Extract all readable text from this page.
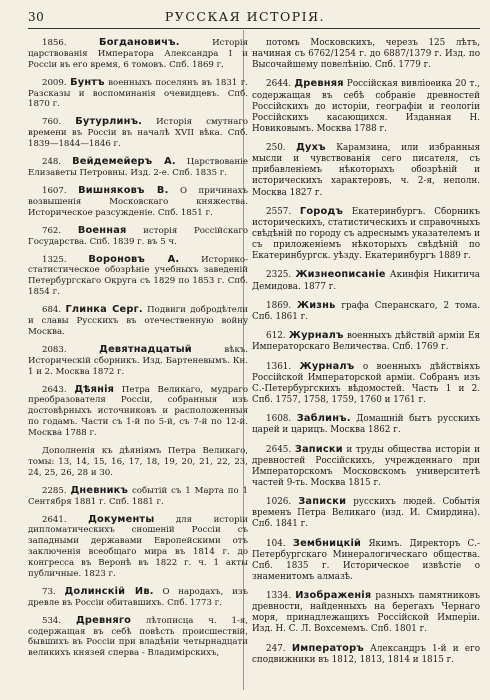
30	РУССКАЯ ИСТОРІЯ.

1856.	Богдановичъ.	Исторія царствованія Императора Александра I и Россіи въ его время, 6 томовъ. Спб. 1869 г.

2009. Бунтъ военныхъ поселянъ въ 1831 г. Разсказы и воспоминанія очевидцевъ. Спб. 1870 г.

760. Бутурлинъ. Исторія смутнаго времени въ Россіи въ началѣ XVII вѣка. Спб. 1839—1844—1846 г.

248. Вейдемейеръ А. Царствованіе Елизаветы Петровны. Изд. 2-е. Спб. 1835 г.

1607. Вишняковъ В. О причинахъ возвышенія Московскаго княжества. Историческое разсужденіе. Спб. 1851 г.

762. Военная исторія Россійскаго Государства. Спб. 1839 г. въ 5 ч.

1325. Вороновъ А.	Историко-статистическое обозрѣніе учебныхъ заведеній Петербургскаго Округа съ 1829 по 1853 г. Спб. 1854 г.

684. Глинка Серг. Подвиги добродѣтели и славы Русскихъ въ отечественную войну Москва.

2083.	Девятнадцатый	вѣкъ. Историческій сборникъ. Изд. Бартеневымъ. Кн. 1 и 2. Москва 1872 г.

2643. Дѣянія Петра Великаго, мудраго преобразователя Россіи, собранныя изъ достовѣрныхъ источниковъ и расположенныя по годамъ. Части съ 1-й по 5-й, съ 7-й по 12-й. Москва 1788 г.

Дополненія къ дѣяніямъ Петра Великаго, томы: 13, 14, 15, 16, 17, 18, 19, 20, 21, 22, 23, 24, 25, 26, 28 и 30.

2285. Дневникъ событій съ 1 Марта по 1 Сентября 1881 г. Спб. 1881 г.

2641. Документы	для исторіи дипломатическихъ сношеній Россіи съ западными державами Европейскими отъ заключенія всеобщаго мира въ 1814 г. до конгресса въ Веронѣ въ 1822 г. ч. 1 акты публичные. 1823 г.

73. Долинскій Ив. О народахъ, изъ древле въ Россіи обитавшихъ. Спб. 1773 г.

534. Древняго лѣтописца ч. 1-я, содержащая въ себѣ повѣсть происшествій, бывшихъ въ Россіи при владѣніи четырнадцати великихъ князей сперва - Владимірскихъ,

потомъ Московскихъ, черезъ 125 лѣтъ, начиная съ 6762/1254 г. до 6887/1379 г. Изд. по Высочайшему повелѣнію. Спб. 1779 г.

2644. Древняя Россійская вивліоѳика 20 т., содержащая въ себѣ собраніе древностей Россійскихъ до исторіи, географіи и геологіи Россійскихъ касающихся. Изданная Н. Новиковымъ. Москва 1788 г.

250. Духъ Карамзина, или избранныя мысли и чувствованія сего писателя, съ прибавленіемъ нѣкоторыхъ обозрѣній и историческихъ характеровъ, ч. 2-я, неполн. Москва 1827 г.

2557. Городъ Екатеринбургъ. Сборникъ историческихъ, статистическихъ и справочныхъ свѣдѣній по городу съ адреснымъ указателемъ и съ приложеніемъ нѣкоторыхъ свѣдѣній по Екатеринбургск. уѣзду. Екатеринбургъ 1889 г.

2325. Жизнеописаніе Акинфія Никитича Демидова. 1877 г.

1869. Жизнь графа Сперанскаго, 2 тома. Спб. 1861 г.

612. Журналъ военныхъ дѣйствій арміи Ея Императорскаго Величества. Спб. 1769 г.

1361. Журналъ о военныхъ дѣйствіяхъ Россійской Императорской арміи. Собранъ изъ С.-Петербургскихъ вѣдомостей. Часть 1 и 2. Спб. 1757, 1758, 1759, 1760 и 1761 г.

1608. Заблинъ. Домашній бытъ русскихъ царей и царицъ. Москва 1862 г.

2645. Записки и труды общества исторіи и древностей Россійскихъ, учрежденнаго при Императорскомъ Московскомъ университетѣ частей 9-ть. Москва 1815 г.

1026. Записки русскихъ людей. Событія временъ Петра Великаго (изд. И. Смирдина). Спб. 1841 г.

104. Зембницкій Якимъ. Директоръ С.-Петербургскаго Минералогическаго общества. Спб. 1835 г. Историческое извѣстіе о знаменитомъ алмазѣ.

1334. Изображенія разныхъ памятниковъ древности, найденныхъ на берегахъ Чернаго моря, принадлежащихъ Россійской Имперіи. Изд. Н. С. Л. Вохсемемъ. Спб. 1801 г.

247. Императоръ Александръ 1-й и его сподвижники въ 1812, 1813, 1814 и 1815 г.
